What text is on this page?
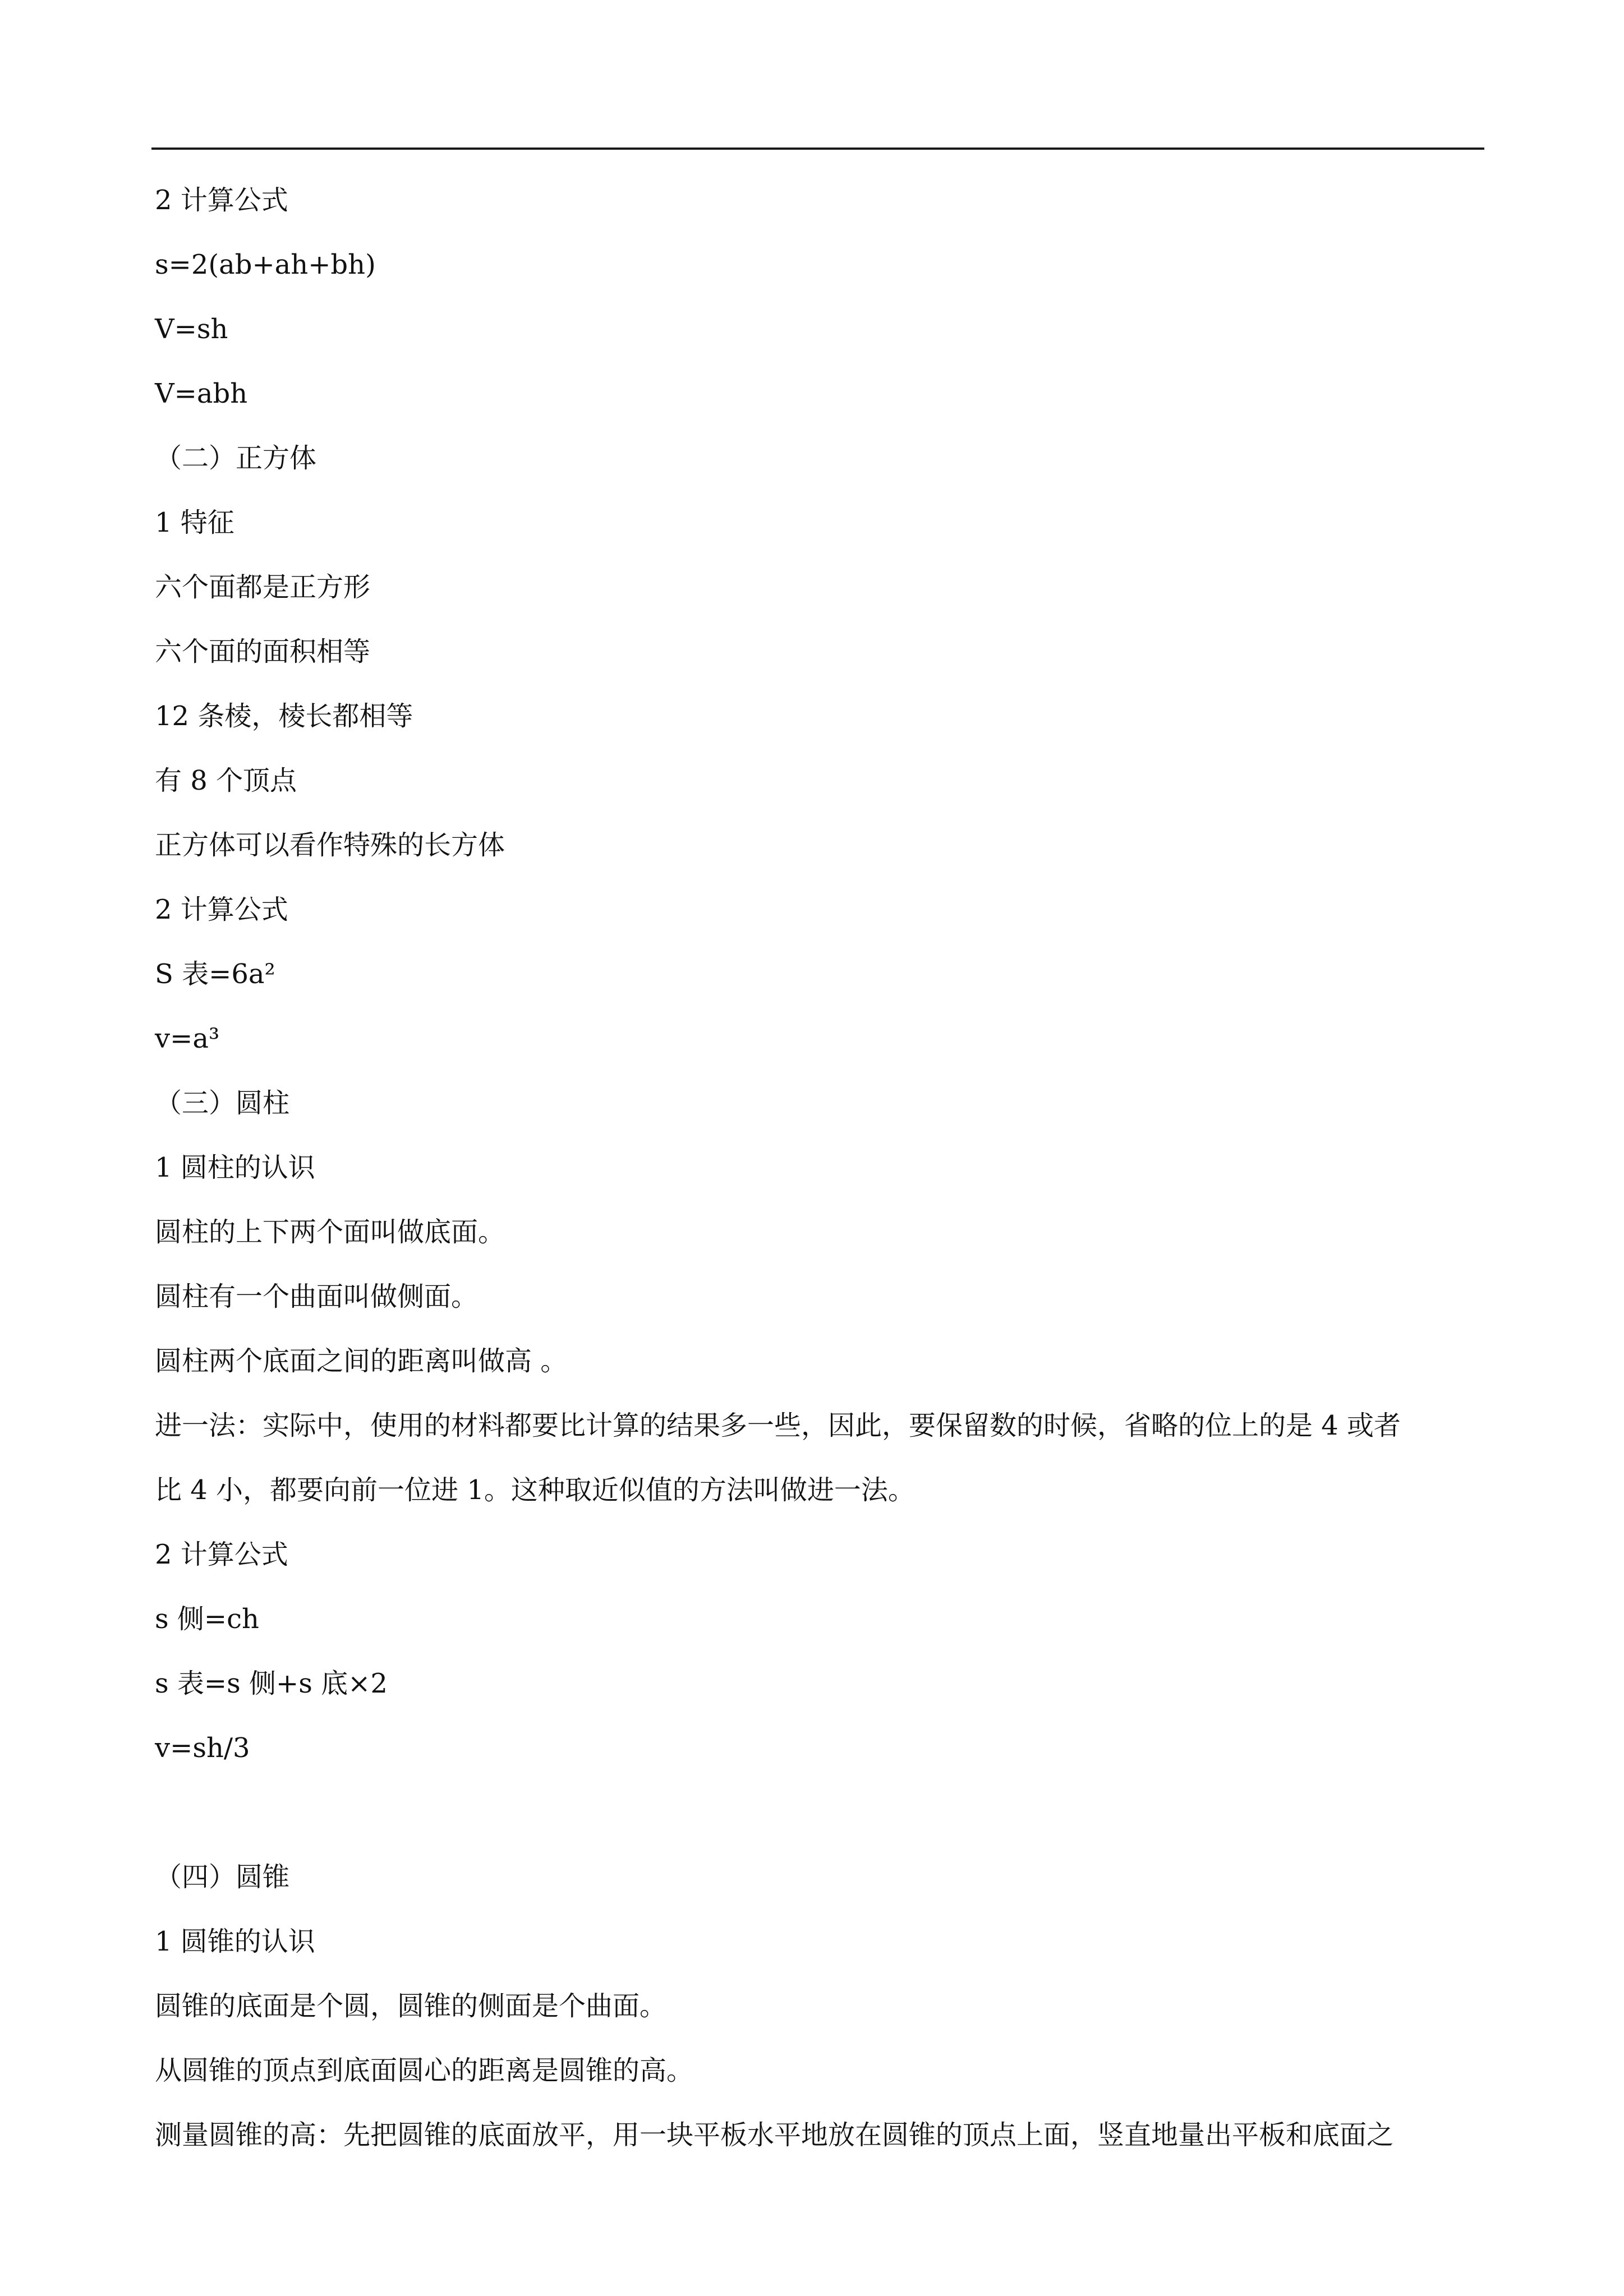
2 计算公式
s=2(ab+ah+bh)
V=sh
V=abh
（二）正方体
1 特征
六个面都是正方形
六个面的面积相等
12 条棱，棱长都相等
有 8 个顶点
正方体可以看作特殊的长方体
2 计算公式
S 表=6a²
v=a³
（三）圆柱
1 圆柱的认识
圆柱的上下两个面叫做底面。
圆柱有一个曲面叫做侧面。
圆柱两个底面之间的距离叫做高 。
进一法：实际中，使用的材料都要比计算的结果多一些，因此，要保留数的时候，省略的位上的是 4 或者
比 4 小，都要向前一位进 1。这种取近似值的方法叫做进一法。
2 计算公式
s 侧=ch
s 表=s 侧+s 底×2
v=sh/3
（四）圆锥
1 圆锥的认识
圆锥的底面是个圆，圆锥的侧面是个曲面。
从圆锥的顶点到底面圆心的距离是圆锥的高。
测量圆锥的高：先把圆锥的底面放平，用一块平板水平地放在圆锥的顶点上面，竖直地量出平板和底面之
